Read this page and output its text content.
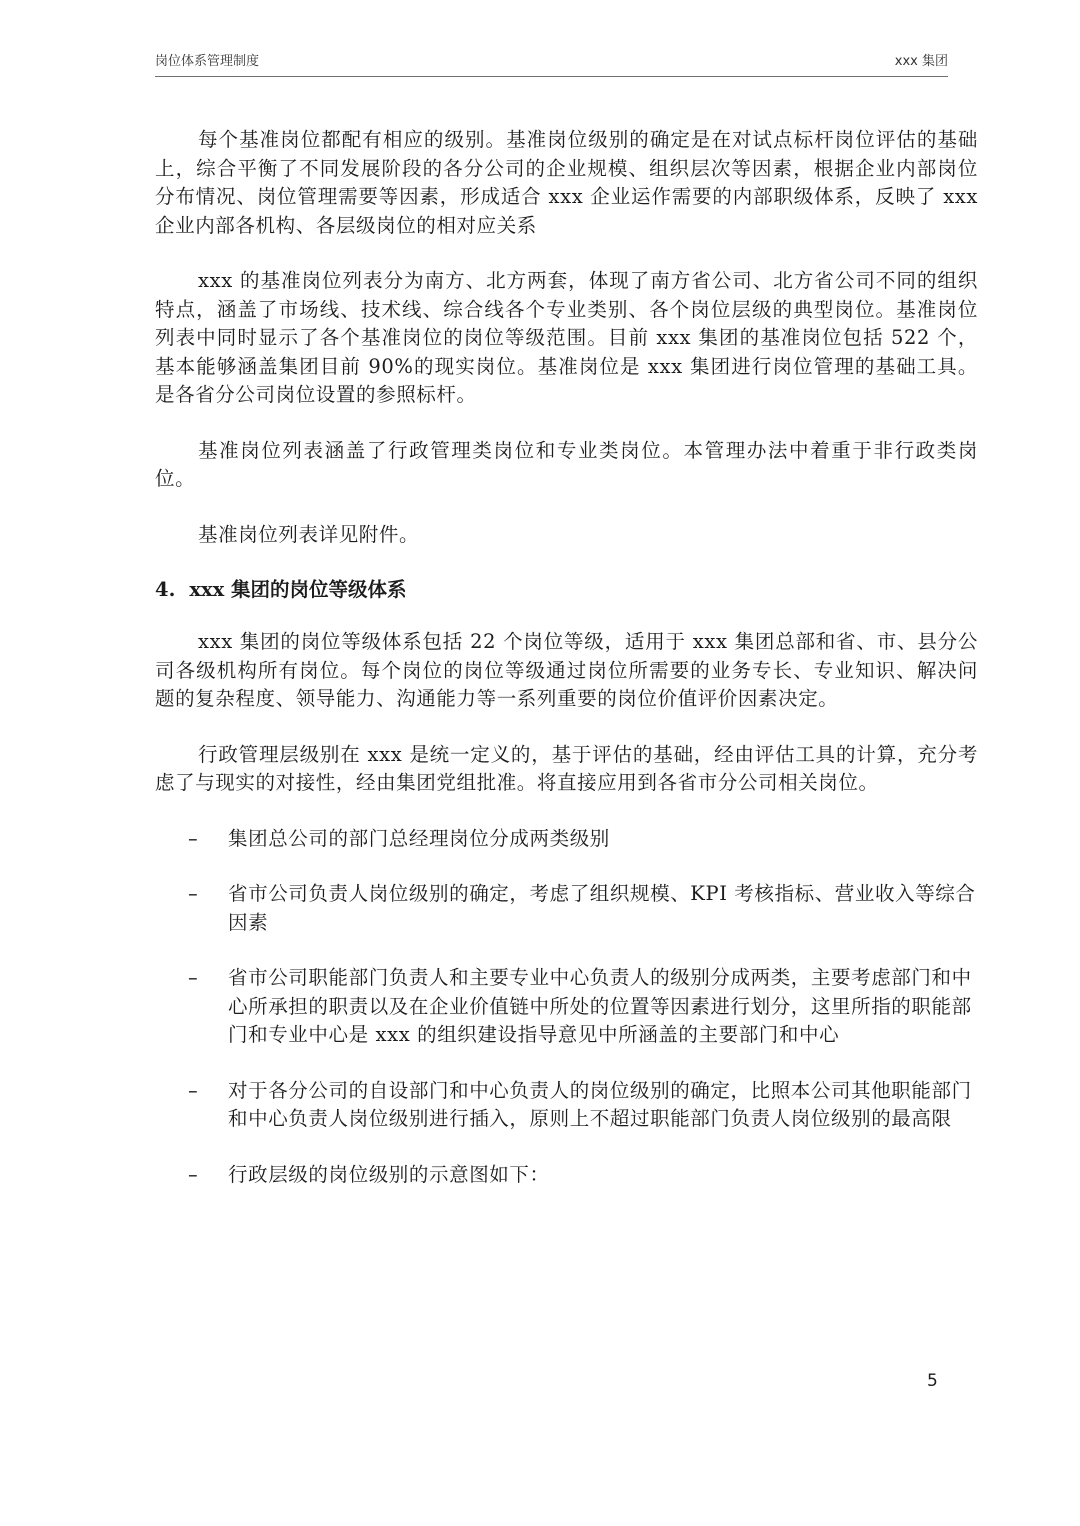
岗位体系管理制度	xxx 集团

每个基准岗位都配有相应的级别。基准岗位级别的确定是在对试点标杆岗位评估的基础上，综合平衡了不同发展阶段的各分公司的企业规模、组织层次等因素，根据企业内部岗位分布情况、岗位管理需要等因素，形成适合 xxx 企业运作需要的内部职级体系，反映了 xxx 企业内部各机构、各层级岗位的相对应关系

xxx 的基准岗位列表分为南方、北方两套，体现了南方省公司、北方省公司不同的组织特点，涵盖了市场线、技术线、综合线各个专业类别、各个岗位层级的典型岗位。基准岗位列表中同时显示了各个基准岗位的岗位等级范围。目前 xxx 集团的基准岗位包括 522 个，基本能够涵盖集团目前 90%的现实岗位。基准岗位是 xxx 集团进行岗位管理的基础工具。是各省分公司岗位设置的参照标杆。

基准岗位列表涵盖了行政管理类岗位和专业类岗位。本管理办法中着重于非行政类岗位。

基准岗位列表详见附件。

4. xxx 集团的岗位等级体系

xxx 集团的岗位等级体系包括 22 个岗位等级，适用于 xxx 集团总部和省、市、县分公司各级机构所有岗位。每个岗位的岗位等级通过岗位所需要的业务专长、专业知识、解决问题的复杂程度、领导能力、沟通能力等一系列重要的岗位价值评价因素决定。

行政管理层级别在 xxx 是统一定义的，基于评估的基础，经由评估工具的计算，充分考虑了与现实的对接性，经由集团党组批准。将直接应用到各省市分公司相关岗位。

– 集团总公司的部门总经理岗位分成两类级别
– 省市公司负责人岗位级别的确定，考虑了组织规模、KPI 考核指标、营业收入等综合因素
– 省市公司职能部门负责人和主要专业中心负责人的级别分成两类，主要考虑部门和中心所承担的职责以及在企业价值链中所处的位置等因素进行划分，这里所指的职能部门和专业中心是 xxx 的组织建设指导意见中所涵盖的主要部门和中心
– 对于各分公司的自设部门和中心负责人的岗位级别的确定，比照本公司其他职能部门和中心负责人岗位级别进行插入，原则上不超过职能部门负责人岗位级别的最高限
– 行政层级的岗位级别的示意图如下：
5
